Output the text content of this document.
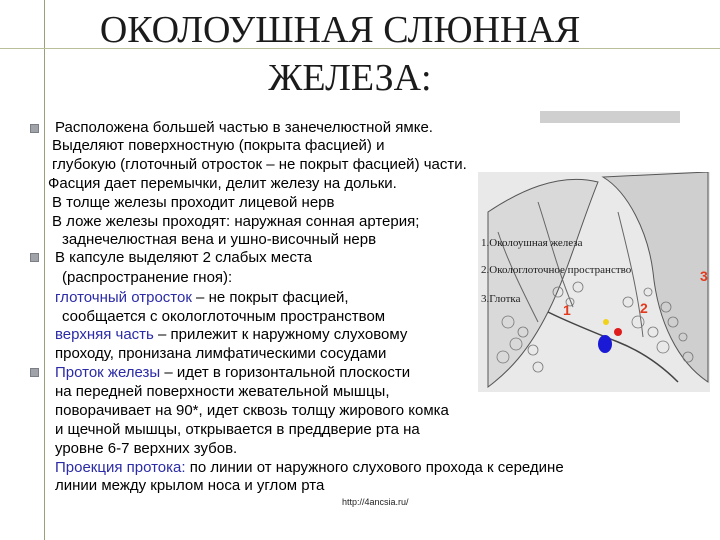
ОКОЛОУШНАЯ СЛЮННАЯ
ЖЕЛЕЗА:
Расположена большей частью в занечелюстной ямке.
Выделяют поверхностную (покрыта фасцией) и
глубокую (глоточный отросток – не покрыт фасцией) части.
Фасция дает перемычки, делит железу на дольки.
В толще железы проходит лицевой нерв
В ложе железы проходят: наружная сонная артерия;
заднечелюстная вена и ушно-височный нерв
В капсуле выделяют 2 слабых места
(распространение гноя):
глоточный отросток – не покрыт фасцией,
сообщается с окологлоточным пространством
верхняя часть – прилежит к наружному слуховому
проходу, пронизана лимфатическими сосудами
Проток железы – идет в горизонтальной плоскости
на передней поверхности жевательной мышцы,
поворачивает на 90*, идет сквозь толщу жирового комка
и щечной мышцы, открывается в преддверие рта на
уровне 6-7 верхних зубов.
Проекция протока: по линии от наружного слухового прохода к середине
линии между крылом носа и углом рта
1.Околоушная железа
2.Окологлоточное пространство
3.Глотка
1	2
3
http://4ancsia.ru/
